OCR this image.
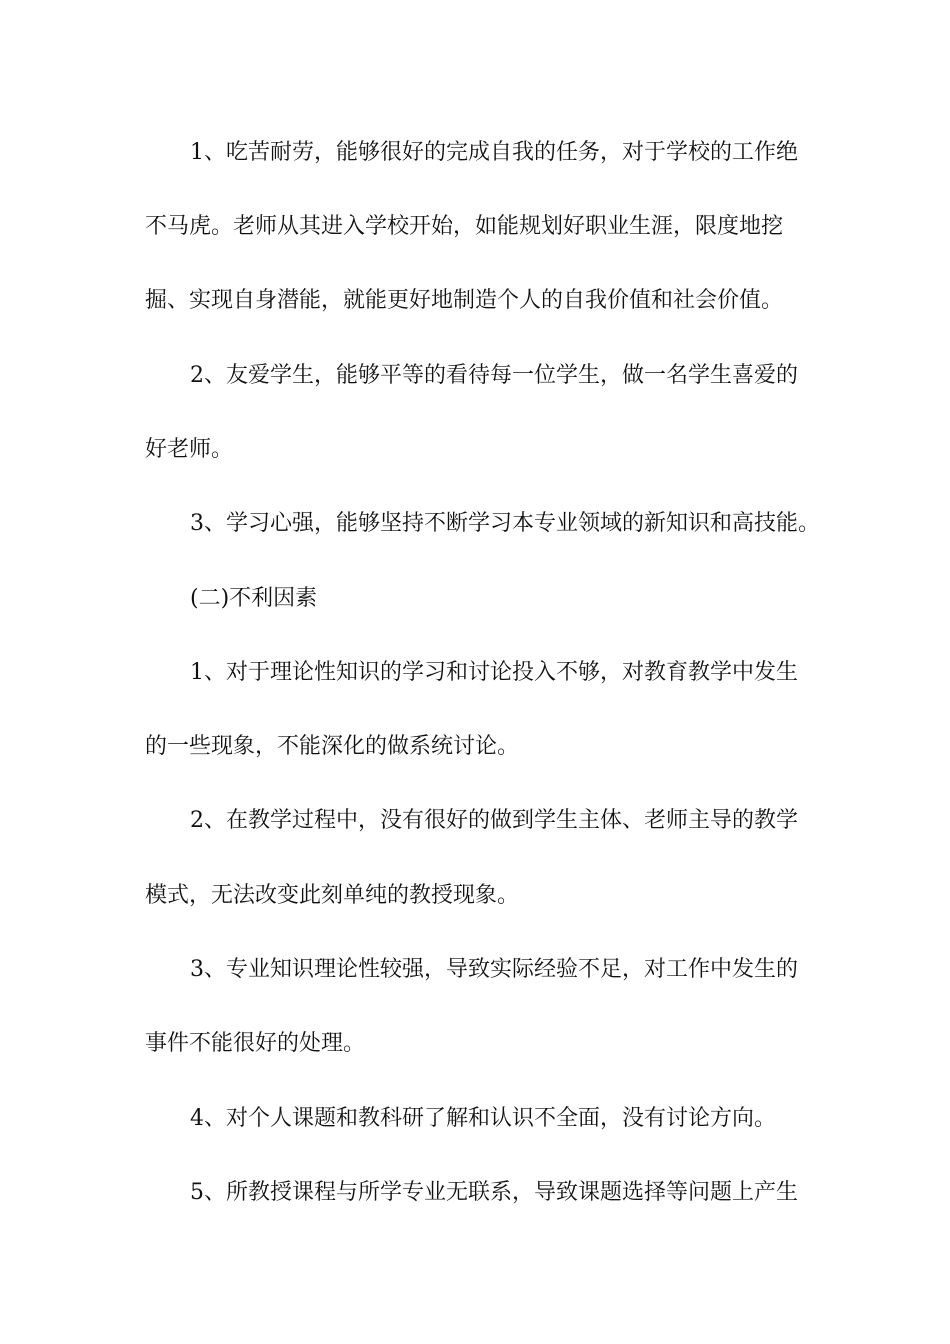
1、吃苦耐劳，能够很好的完成自我的任务，对于学校的工作绝
不马虎。老师从其进入学校开始，如能规划好职业生涯，限度地挖
掘、实现自身潜能，就能更好地制造个人的自我价值和社会价值。
2、友爱学生，能够平等的看待每一位学生，做一名学生喜爱的
好老师。
3、学习心强，能够坚持不断学习本专业领域的新知识和高技能。
(二)不利因素
1、对于理论性知识的学习和讨论投入不够，对教育教学中发生
的一些现象，不能深化的做系统讨论。
2、在教学过程中，没有很好的做到学生主体、老师主导的教学
模式，无法改变此刻单纯的教授现象。
3、专业知识理论性较强，导致实际经验不足，对工作中发生的
事件不能很好的处理。
4、对个人课题和教科研了解和认识不全面，没有讨论方向。
5、所教授课程与所学专业无联系，导致课题选择等问题上产生
